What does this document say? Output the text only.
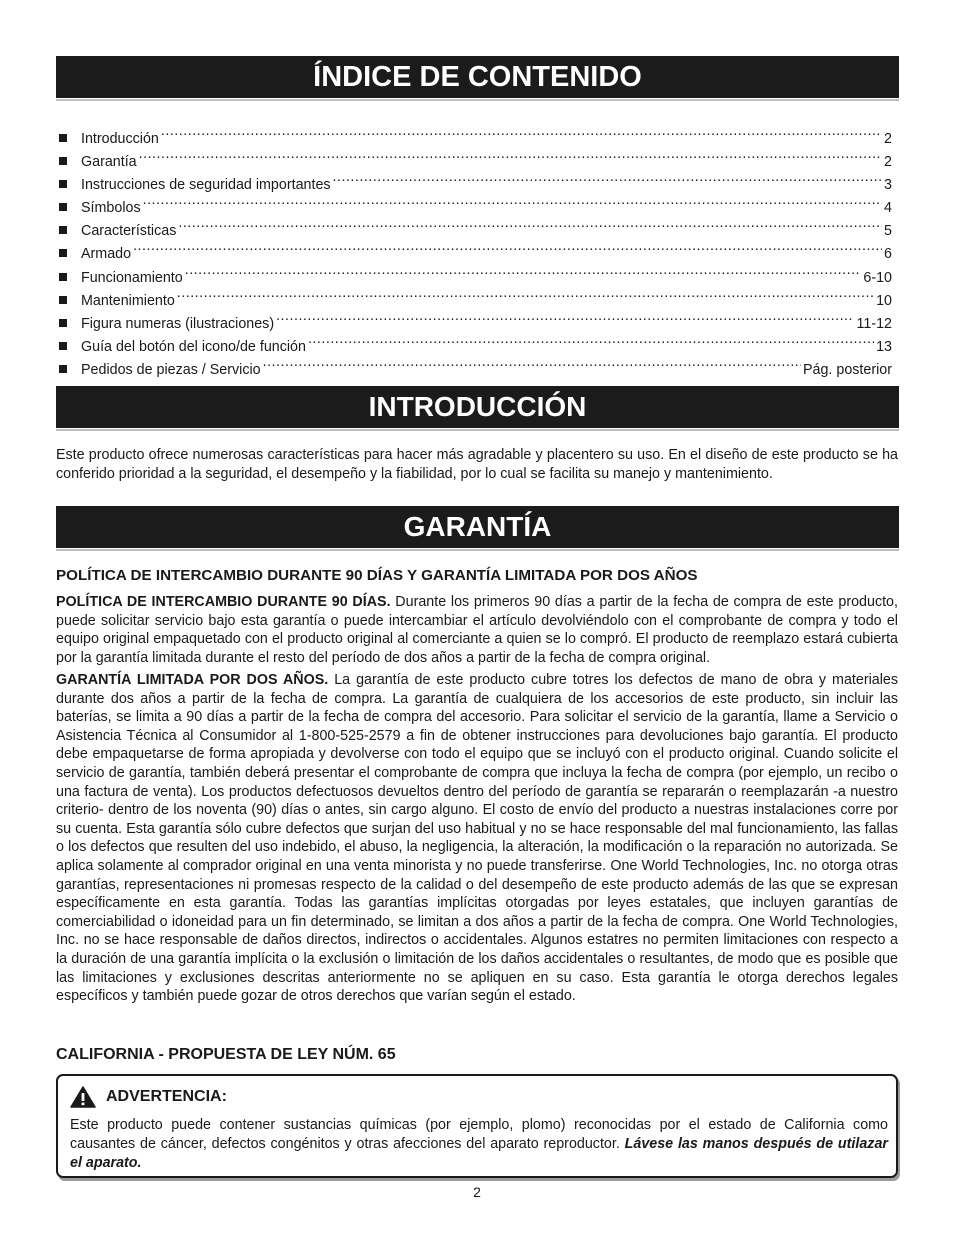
ÍNDICE DE CONTENIDO
Introducción .....	2
Garantía .....	2
Instrucciones de seguridad importantes .....	3
Símbolos .....	4
Características .....	5
Armado .....	6
Funcionamiento .....	6-10
Mantenimiento .....	10
Figura numeras (ilustraciones) .....	11-12
Guía del botón del icono/de función .....	13
Pedidos de piezas / Servicio .....	Pág. posterior
INTRODUCCIÓN

Este producto ofrece numerosas características para hacer más agradable y placentero su uso. En el diseño de este producto se ha conferido prioridad a la seguridad, el desempeño y la fiabilidad, por lo cual se facilita su manejo y mantenimiento.

GARANTÍA
POLÍTICA DE INTERCAMBIO DURANTE 90 DÍAS Y GARANTÍA LIMITADA POR DOS AÑOS

POLÍTICA DE INTERCAMBIO DURANTE 90 DÍAS. Durante los primeros 90 días a partir de la fecha de compra de este producto, puede solicitar servicio bajo esta garantía o puede intercambiar el artículo devolviéndolo con el comprobante de compra y todo el equipo original empaquetado con el producto original al comerciante a quien se lo compró. El producto de reemplazo estará cubierta por la garantía limitada durante el resto del período de dos años a partir de la fecha de compra original.

GARANTÍA LIMITADA POR DOS AÑOS. La garantía de este producto cubre totres los defectos de mano de obra y materiales durante dos años a partir de la fecha de compra. La garantía de cualquiera de los accesorios de este producto, sin incluir las baterías, se limita a 90 días a partir de la fecha de compra del accesorio. Para solicitar el servicio de la garantía, llame a Servicio o Asistencia Técnica al Consumidor al 1-800-525-2579 a fin de obtener instrucciones para devoluciones bajo garantía. El producto debe empaquetarse de forma apropiada y devolverse con todo el equipo que se incluyó con el producto original. Cuando solicite el servicio de garantía, también deberá presentar el comprobante de compra que incluya la fecha de compra (por ejemplo, un recibo o una factura de venta). Los productos defectuosos devueltos dentro del período de garantía se repararán o reemplazarán -a nuestro criterio- dentro de los noventa (90) días o antes, sin cargo alguno. El costo de envío del producto a nuestras instalaciones corre por su cuenta. Esta garantía sólo cubre defectos que surjan del uso habitual y no se hace responsable del mal funcionamiento, las fallas o los defectos que resulten del uso indebido, el abuso, la negligencia, la alteración, la modificación o la reparación no autorizada. Se aplica solamente al comprador original en una venta minorista y no puede transferirse. One World Technologies, Inc. no otorga otras garantías, representaciones ni promesas respecto de la calidad o del desempeño de este producto además de las que se expresan específicamente en esta garantía. Todas las garantías implícitas otorgadas por leyes estatales, que incluyen garantías de comerciabilidad o idoneidad para un fin determinado, se limitan a dos años a partir de la fecha de compra. One World Technologies, Inc. no se hace responsable de daños directos, indirectos o accidentales. Algunos estatres no permiten limitaciones con respecto a la duración de una garantía implícita o la exclusión o limitación de los daños accidentales o resultantes, de modo que es posible que las limitaciones y exclusiones descritas anteriormente no se apliquen en su caso. Esta garantía le otorga derechos legales específicos y también puede gozar de otros derechos que varían según el estado.

CALIFORNIA - PROPUESTA DE LEY NÚM. 65
ADVERTENCIA:

Este producto puede contener sustancias químicas (por ejemplo, plomo) reconocidas por el estado de California como causantes de cáncer, defectos congénitos y otras afecciones del aparato reproductor. Lávese las manos después de utilazar el aparato.

2
